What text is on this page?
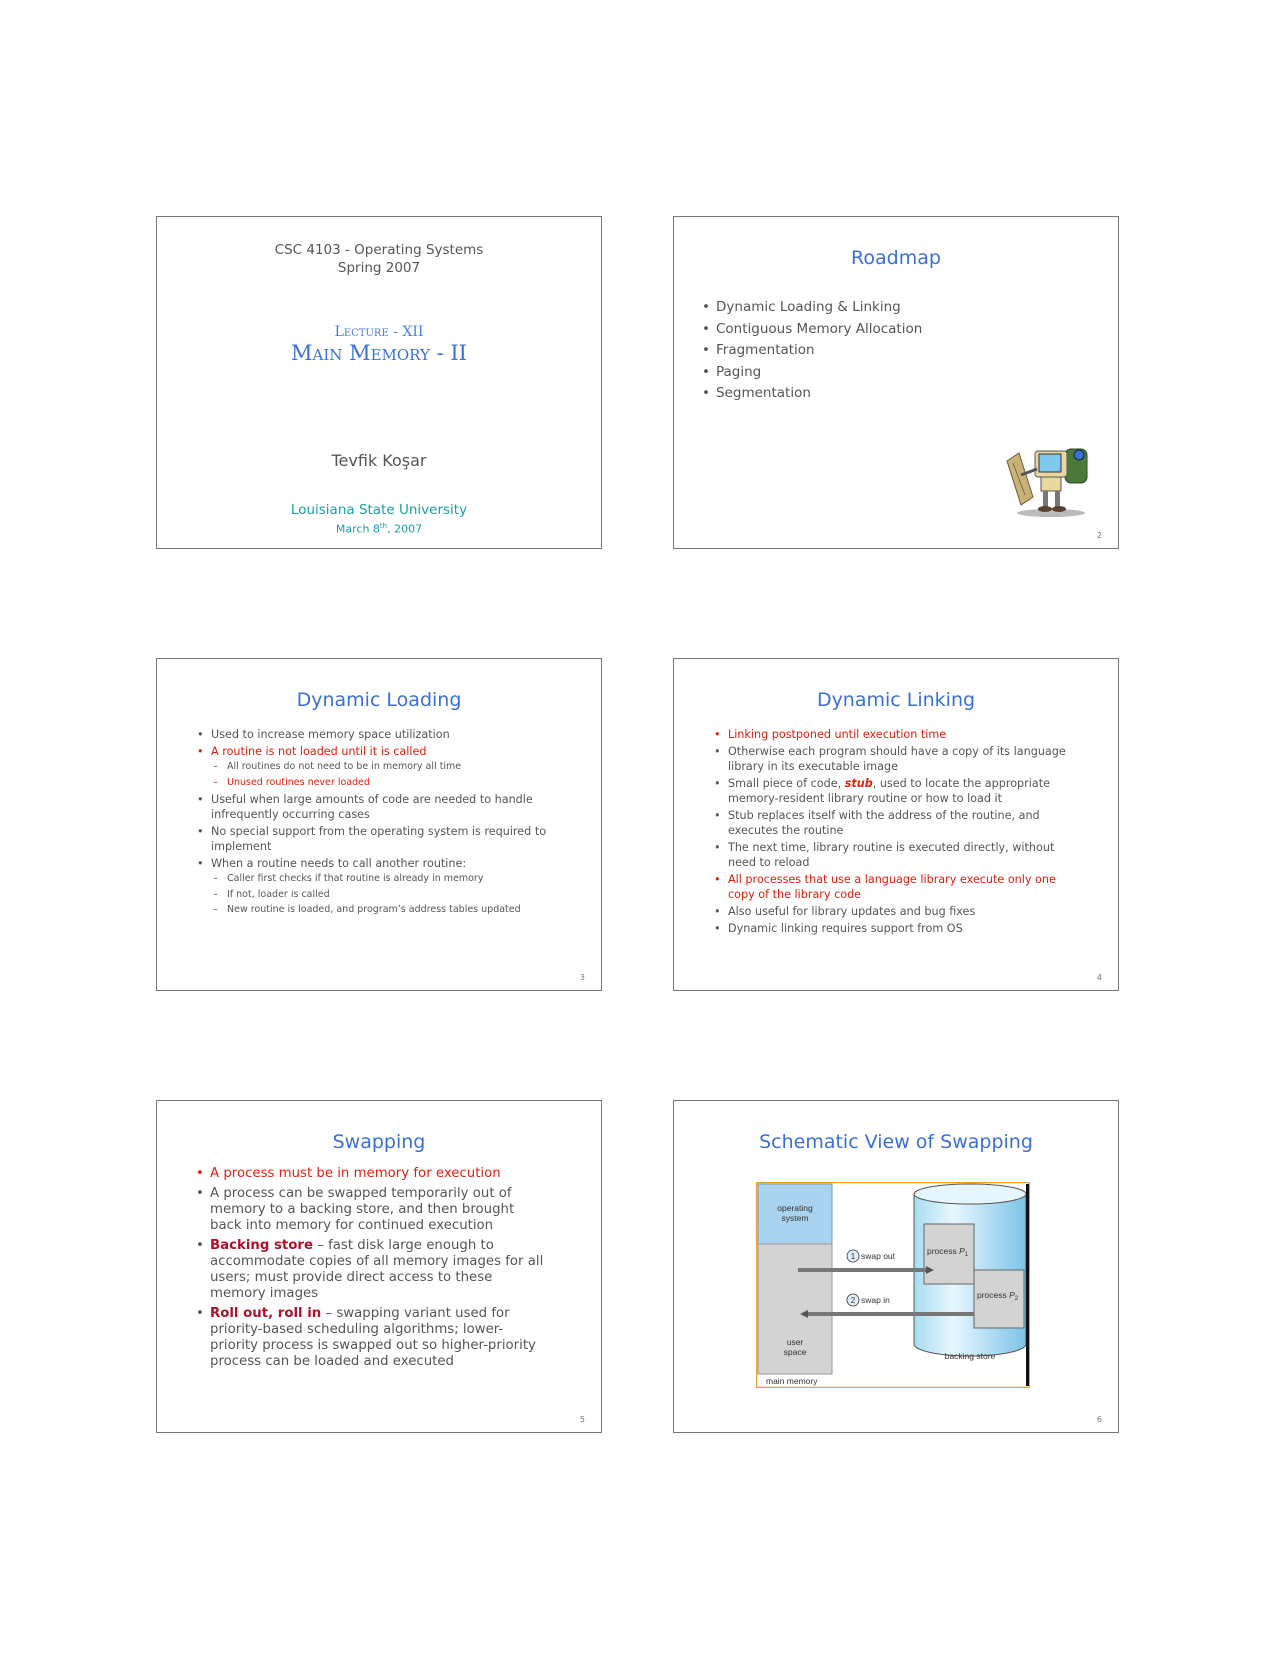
CSC 4103 - Operating Systems
Spring 2007
Lecture - XII
Main Memory - II
Tevfik Koşar
Louisiana State University
March 8th, 2007
Roadmap
• Dynamic Loading & Linking
• Contiguous Memory Allocation
• Fragmentation
• Paging
• Segmentation
2
Dynamic Loading
• Used to increase memory space utilization
• A routine is not loaded until it is called
– All routines do not need to be in memory all time
– Unused routines never loaded
• Useful when large amounts of code are needed to handle infrequently occurring cases
• No special support from the operating system is required to implement
• When a routine needs to call another routine:
– Caller first checks if that routine is already in memory
– If not, loader is called
– New routine is loaded, and program’s address tables updated
3
Dynamic Linking
• Linking postponed until execution time
• Otherwise each program should have a copy of its language library in its executable image
• Small piece of code, stub, used to locate the appropriate memory-resident library routine or how to load it
• Stub replaces itself with the address of the routine, and executes the routine
• The next time, library routine is executed directly, without need to reload
• All processes that use a language library execute only one copy of the library code
• Also useful for library updates and bug fixes
• Dynamic linking requires support from OS
4
Swapping
• A process must be in memory for execution
• A process can be swapped temporarily out of memory to a backing store, and then brought back into memory for continued execution
• Backing store – fast disk large enough to accommodate copies of all memory images for all users; must provide direct access to these memory images
• Roll out, roll in – swapping variant used for priority-based scheduling algorithms; lower-priority process is swapped out so higher-priority process can be loaded and executed
5
Schematic View of Swapping
operating
system
user
space
main memory
backing store
process $P_1$
process $P_2$
1 swap out
2 swap in
6
